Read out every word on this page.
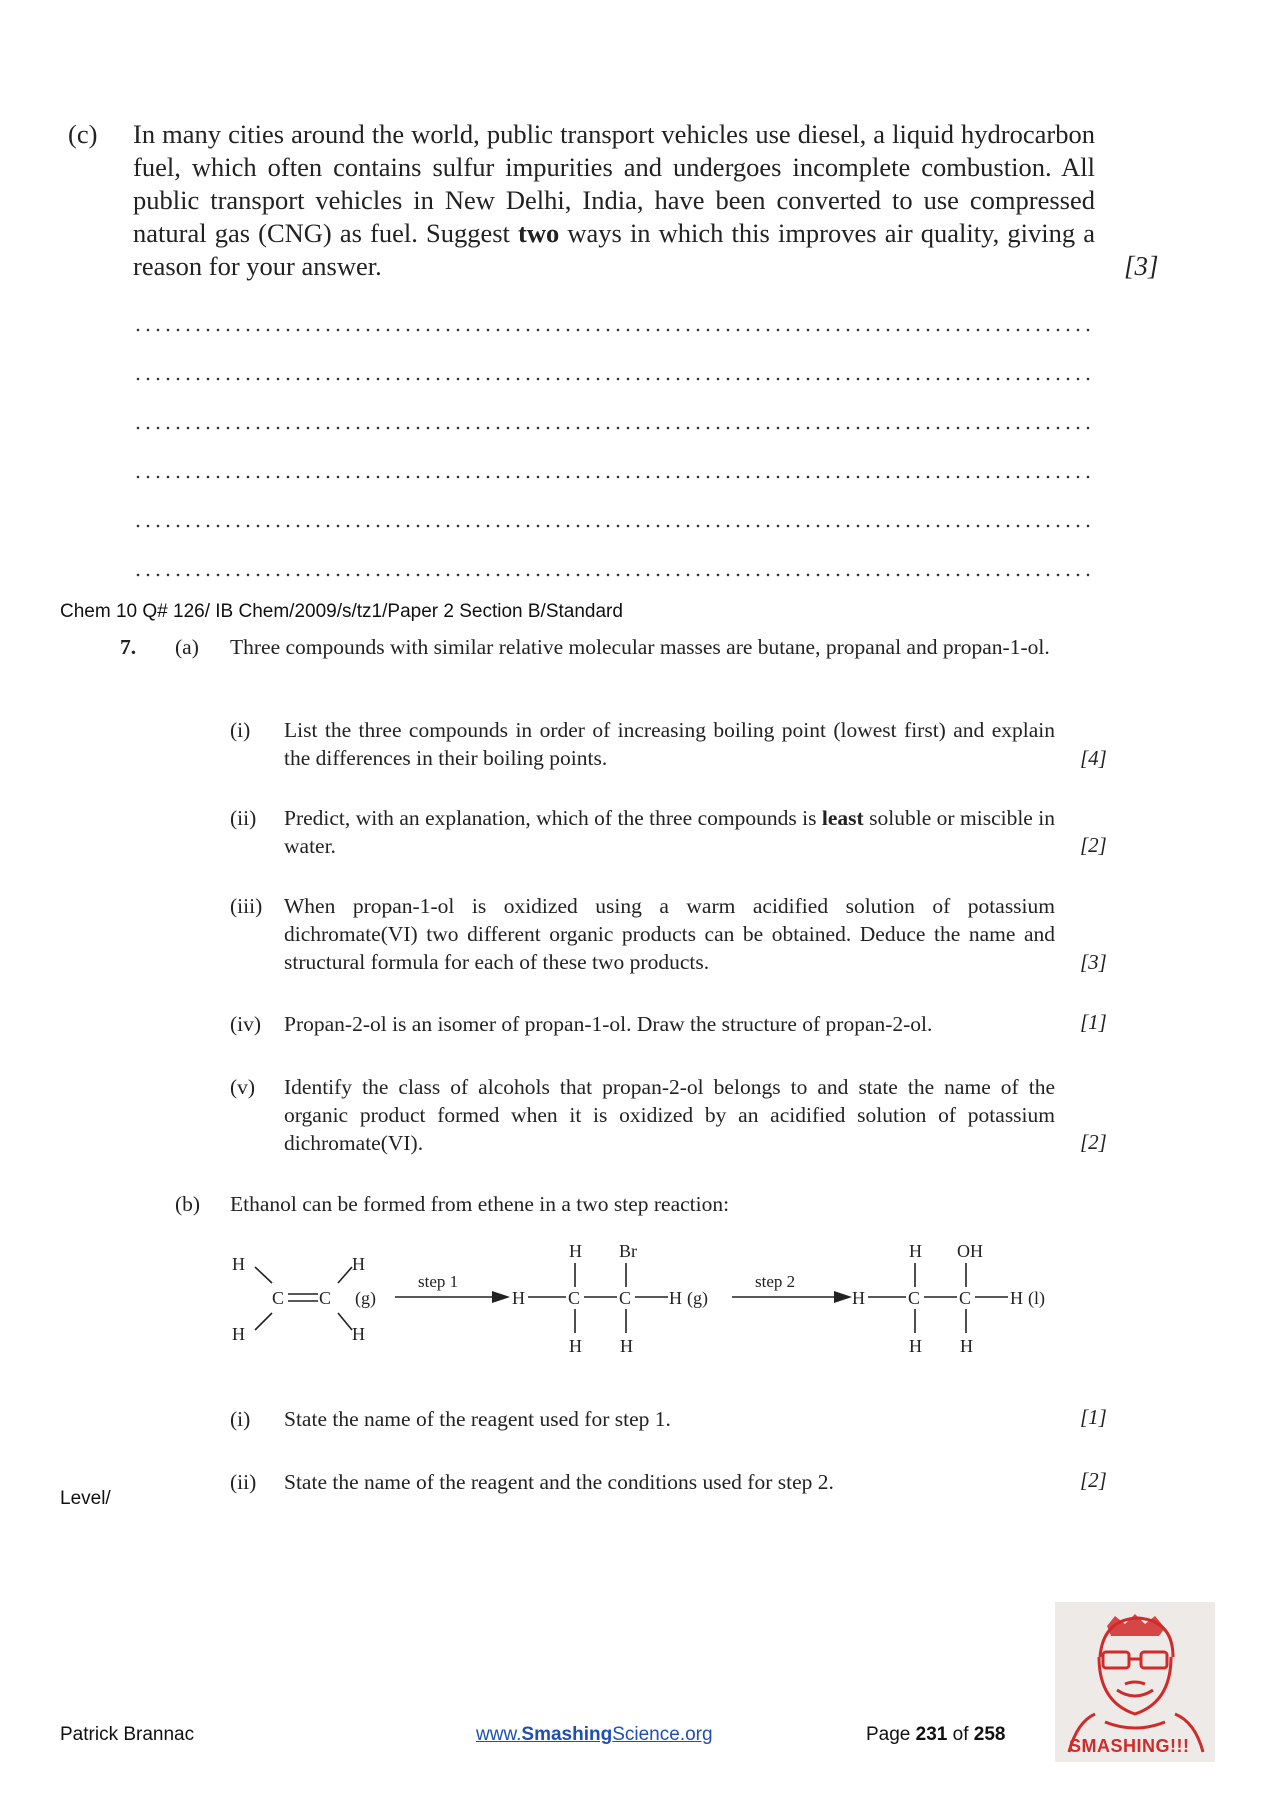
(c) In many cities around the world, public transport vehicles use diesel, a liquid hydrocarbon fuel, which often contains sulfur impurities and undergoes incomplete combustion. All public transport vehicles in New Delhi, India, have been converted to use compressed natural gas (CNG) as fuel. Suggest two ways in which this improves air quality, giving a reason for your answer.	[3]
Chem 10 Q# 126/ IB Chem/2009/s/tz1/Paper 2 Section B/Standard
7. (a) Three compounds with similar relative molecular masses are butane, propanal and propan-1-ol.
(i) List the three compounds in order of increasing boiling point (lowest first) and explain the differences in their boiling points.	[4]
(ii) Predict, with an explanation, which of the three compounds is least soluble or miscible in water.	[2]
(iii) When propan-1-ol is oxidized using a warm acidified solution of potassium dichromate(VI) two different organic products can be obtained. Deduce the name and structural formula for each of these two products.	[3]
(iv) Propan-2-ol is an isomer of propan-1-ol. Draw the structure of propan-2-ol.	[1]
(v) Identify the class of alcohols that propan-2-ol belongs to and state the name of the organic product formed when it is oxidized by an acidified solution of potassium dichromate(VI).	[2]
(b) Ethanol can be formed from ethene in a two step reaction:
H
H
C C
H
H
(g)
step 1
H C C H (g)
H Br
H H
step 2
H C C H (l)
H OH
H H
(i) State the name of the reagent used for step 1.	[1]
Level/
(ii) State the name of the reagent and the conditions used for step 2.	[2]
Patrick Brannac	www.SmashingScience.org	Page 231 of 258
SMASHING!!!
